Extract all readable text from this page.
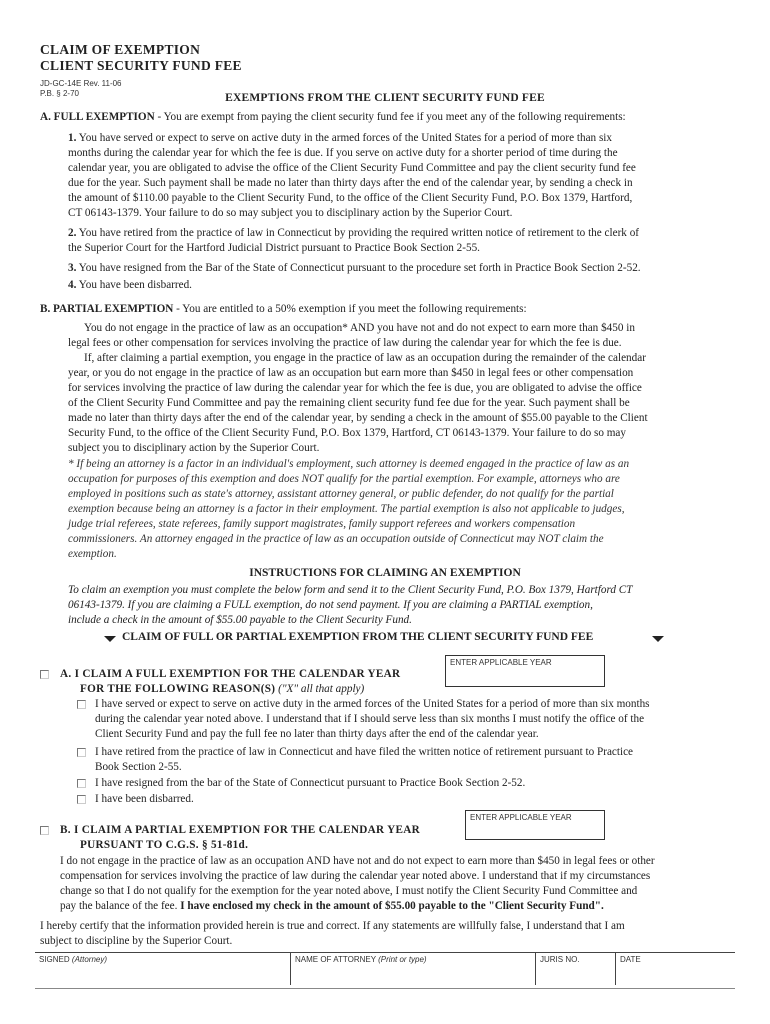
CLAIM OF EXEMPTION
CLIENT SECURITY FUND FEE
JD-GC-14E Rev. 11-06
P.B. § 2-70	EXEMPTIONS FROM THE CLIENT SECURITY FUND FEE
A. FULL EXEMPTION - You are exempt from paying the client security fund fee if you meet any of the following requirements:
1. You have served or expect to serve on active duty in the armed forces of the United States for a period of more than six
months during the calendar year for which the fee is due. If you serve on active duty for a shorter period of time during the
calendar year, you are obligated to advise the office of the Client Security Fund Committee and pay the client security fund fee
due for the year. Such payment shall be made no later than thirty days after the end of the calendar year, by sending a check in
the amount of $110.00 payable to the Client Security Fund, to the office of the Client Security Fund, P.O. Box 1379, Hartford,
CT 06143-1379. Your failure to do so may subject you to disciplinary action by the Superior Court.
2. You have retired from the practice of law in Connecticut by providing the required written notice of retirement to the clerk of
the Superior Court for the Hartford Judicial District pursuant to Practice Book Section 2-55.
3. You have resigned from the Bar of the State of Connecticut pursuant to the procedure set forth in Practice Book Section 2-52.
4. You have been disbarred.
B. PARTIAL EXEMPTION - You are entitled to a 50% exemption if you meet the following requirements:
You do not engage in the practice of law as an occupation* AND you have not and do not expect to earn more than $450 in
legal fees or other compensation for services involving the practice of law during the calendar year for which the fee is due.
If, after claiming a partial exemption, you engage in the practice of law as an occupation during the remainder of the calendar
year, or you do not engage in the practice of law as an occupation but earn more than $450 in legal fees or other compensation
for services involving the practice of law during the calendar year for which the fee is due, you are obligated to advise the office
of the Client Security Fund Committee and pay the remaining client security fund fee due for the year. Such payment shall be
made no later than thirty days after the end of the calendar year, by sending a check in the amount of $55.00 payable to the Client
Security Fund, to the office of the Client Security Fund, P.O. Box 1379, Hartford, CT 06143-1379. Your failure to do so may
subject you to disciplinary action by the Superior Court.
* If being an attorney is a factor in an individual's employment, such attorney is deemed engaged in the practice of law as an
occupation for purposes of this exemption and does NOT qualify for the partial exemption. For example, attorneys who are
employed in positions such as state's attorney, assistant attorney general, or public defender, do not qualify for the partial
exemption because being an attorney is a factor in their employment. The partial exemption is also not applicable to judges,
judge trial referees, state referees, family support magistrates, family support referees and workers compensation
commissioners. An attorney engaged in the practice of law as an occupation outside of Connecticut may NOT claim the
exemption.
INSTRUCTIONS FOR CLAIMING AN EXEMPTION
To claim an exemption you must complete the below form and send it to the Client Security Fund, P.O. Box 1379, Hartford CT
06143-1379. If you are claiming a FULL exemption, do not send payment. If you are claiming a PARTIAL exemption,
include a check in the amount of $55.00 payable to the Client Security Fund.
CLAIM OF FULL OR PARTIAL EXEMPTION FROM THE CLIENT SECURITY FUND FEE
ENTER APPLICABLE YEAR
A. I CLAIM A FULL EXEMPTION FOR THE CALENDAR YEAR
FOR THE FOLLOWING REASON(S) ("X" all that apply)
I have served or expect to serve on active duty in the armed forces of the United States for a period of more than six months
during the calendar year noted above. I understand that if I should serve less than six months I must notify the office of the
Client Security Fund and pay the full fee no later than thirty days after the end of the calendar year.
I have retired from the practice of law in Connecticut and have filed the written notice of retirement pursuant to Practice
Book Section 2-55.
I have resigned from the bar of the State of Connecticut pursuant to Practice Book Section 2-52.
I have been disbarred.
ENTER APPLICABLE YEAR
B. I CLAIM A PARTIAL EXEMPTION FOR THE CALENDAR YEAR
PURSUANT TO C.G.S. § 51-81d.
I do not engage in the practice of law as an occupation AND have not and do not expect to earn more than $450 in legal fees or other
compensation for services involving the practice of law during the calendar year noted above. I understand that if my circumstances
change so that I do not qualify for the exemption for the year noted above, I must notify the Client Security Fund Committee and
pay the balance of the fee. I have enclosed my check in the amount of $55.00 payable to the "Client Security Fund".
I hereby certify that the information provided herein is true and correct. If any statements are willfully false, I understand that I am
subject to discipline by the Superior Court.
SIGNED (Attorney)	NAME OF ATTORNEY (Print or type)	JURIS NO.	DATE
